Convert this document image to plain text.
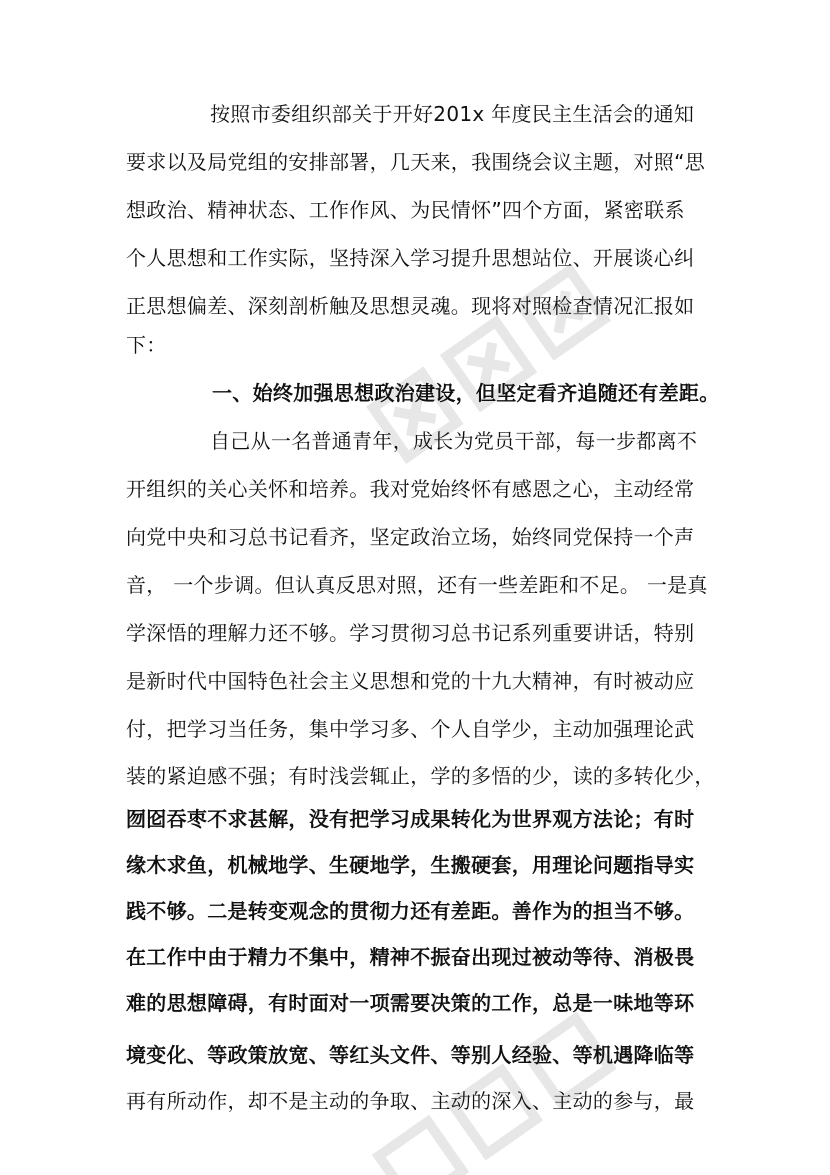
按照市委组织部关于开好201x 年度民主生活会的通知
要求以及局党组的安排部署，几天来，我围绕会议主题，对照“思
想政治、精神状态、工作作风、为民情怀”四个方面，紧密联系
个人思想和工作实际，坚持深入学习提升思想站位、开展谈心纠
正思想偏差、深刻剖析触及思想灵魂。现将对照检查情况汇报如
下：
一、始终加强思想政治建设，但坚定看齐追随还有差距。
自己从一名普通青年，成长为党员干部，每一步都离不
开组织的关心关怀和培养。我对党始终怀有感恩之心，主动经常
向党中央和习总书记看齐，坚定政治立场，始终同党保持一个声
音， 一个步调。但认真反思对照，还有一些差距和不足。 一是真
学深悟的理解力还不够。学习贯彻习总书记系列重要讲话，特别
是新时代中国特色社会主义思想和党的十九大精神，有时被动应
付，把学习当任务，集中学习多、个人自学少，主动加强理论武
装的紧迫感不强；有时浅尝辄止，学的多悟的少，读的多转化少，
囫囵吞枣不求甚解，没有把学习成果转化为世界观方法论；有时
缘木求鱼，机械地学、生硬地学，生搬硬套，用理论问题指导实
践不够。二是转变观念的贯彻力还有差距。善作为的担当不够。
在工作中由于精力不集中，精神不振奋出现过被动等待、消极畏
难的思想障碍，有时面对一项需要决策的工作，总是一味地等环
境变化、等政策放宽、等红头文件、等别人经验、等机遇降临等
再有所动作，却不是主动的争取、主动的深入、主动的参与，最
